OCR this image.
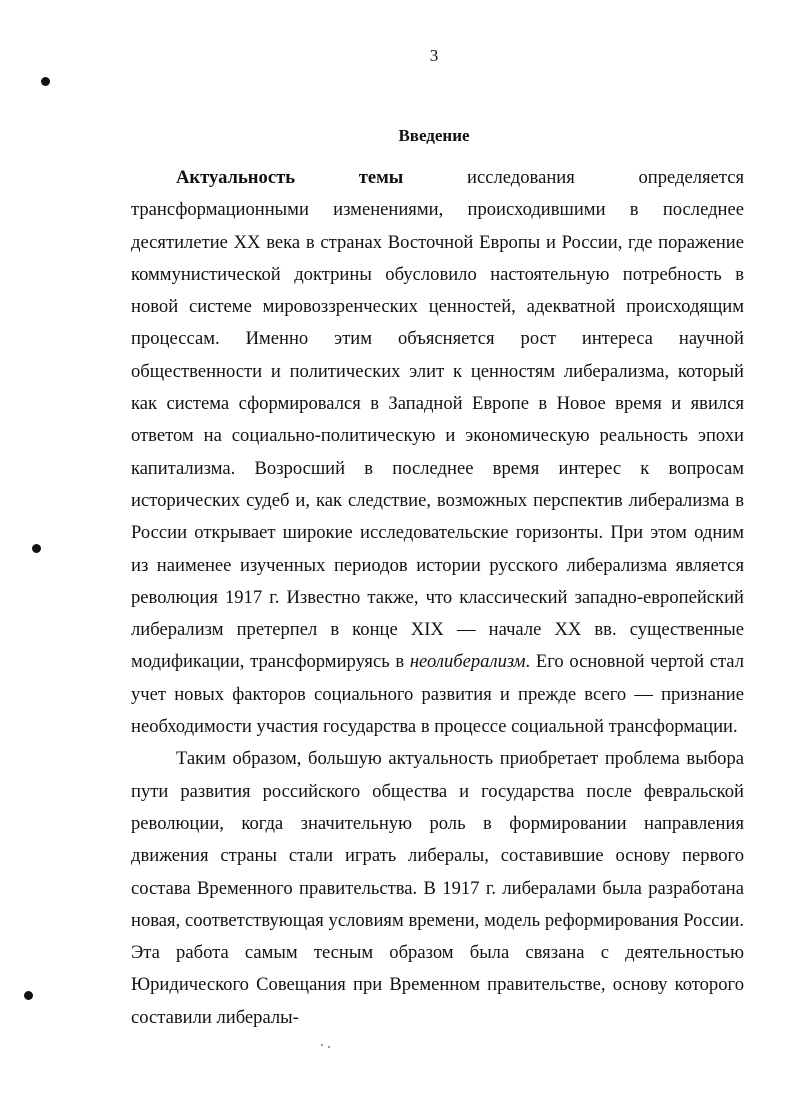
3
Введение

Актуальность темы исследования определяется трансформационными изменениями, происходившими в последнее десятилетие XX века в странах Восточной Европы и России, где поражение коммунистической доктрины обусловило настоятельную потребность в новой системе мировоззренческих ценностей, адекватной происходящим процессам. Именно этим объясняется рост интереса научной общественности и политических элит к ценностям либерализма, который как система сформировался в Западной Европе в Новое время и явился ответом на социально-политическую и экономическую реальность эпохи капитализма. Возросший в последнее время интерес к вопросам исторических судеб и, как следствие, возможных перспектив либерализма в России открывает широкие исследовательские горизонты. При этом одним из наименее изученных периодов истории русского либерализма является революция 1917 г. Известно также, что классический западно-европейский либерализм претерпел в конце XIX — начале XX вв. существенные модификации, трансформируясь в неолиберализм. Его основной чертой стал учет новых факторов социального развития и прежде всего — признание необходимости участия государства в процессе социальной трансформации.

Таким образом, большую актуальность приобретает проблема выбора пути развития российского общества и государства после февральской революции, когда значительную роль в формировании направления движения страны стали играть либералы, составившие основу первого состава Временного правительства. В 1917 г. либералами была разработана новая, соответствующая условиям времени, модель реформирования России. Эта работа самым тесным образом была связана с деятельностью Юридического Совещания при Временном правительстве, основу которого составили либералы-
